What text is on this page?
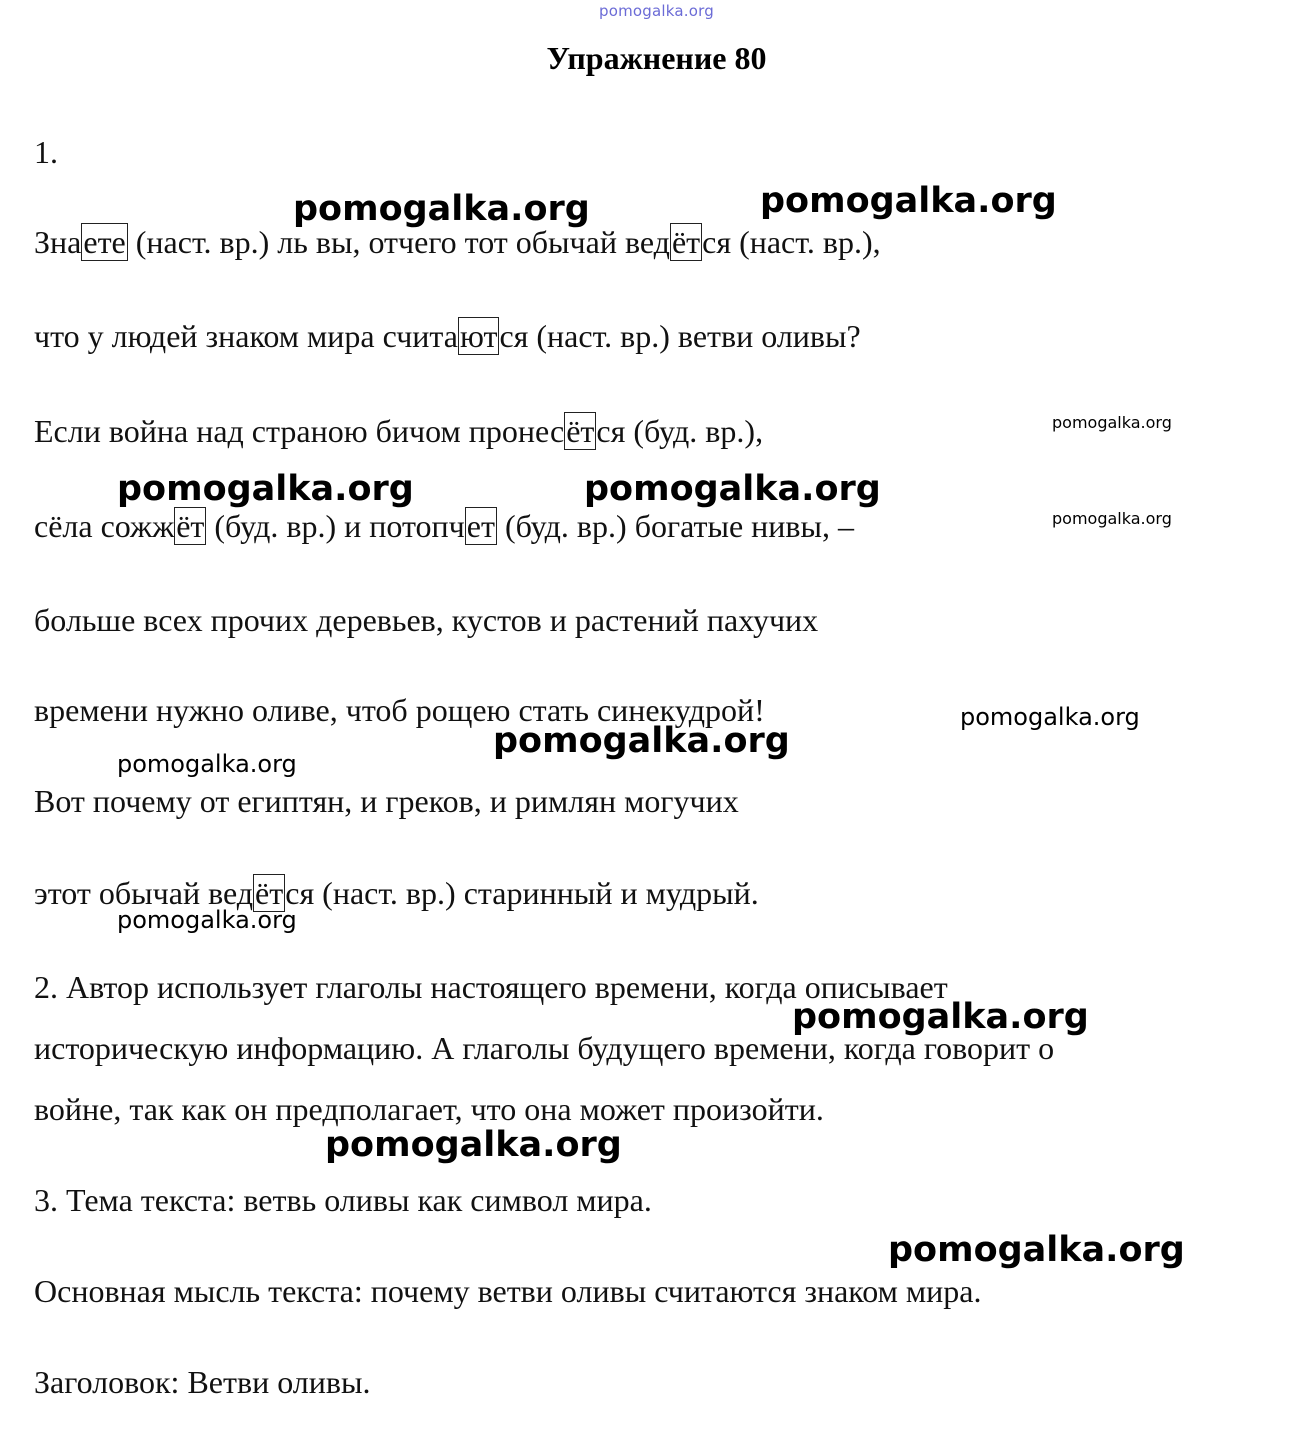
pomogalka.org
Упражнение 80
1.
Знаете (наст. вр.) ль вы, отчего тот обычай ведётся (наст. вр.),
что у людей знаком мира считаются (наст. вр.) ветви оливы?
Если война над страною бичом пронесётся (буд. вр.),
сёла сожжёт (буд. вр.) и потопчет (буд. вр.) богатые нивы, –
больше всех прочих деревьев, кустов и растений пахучих
времени нужно оливе, чтоб рощею стать синекудрой!
Вот почему от египтян, и греков, и римлян могучих
этот обычай ведётся (наст. вр.) старинный и мудрый.
2. Автор использует глаголы настоящего времени, когда описывает
историческую информацию. А глаголы будущего времени, когда говорит о
войне, так как он предполагает, что она может произойти.
3. Тема текста: ветвь оливы как символ мира.
Основная мысль текста: почему ветви оливы считаются знаком мира.
Заголовок: Ветви оливы.
pomogalka.org	pomogalka.org
pomogalka.org
pomogalka.org	pomogalka.org
pomogalka.org
pomogalka.org
pomogalka.org
pomogalka.org
pomogalka.org
pomogalka.org
pomogalka.org
pomogalka.org
